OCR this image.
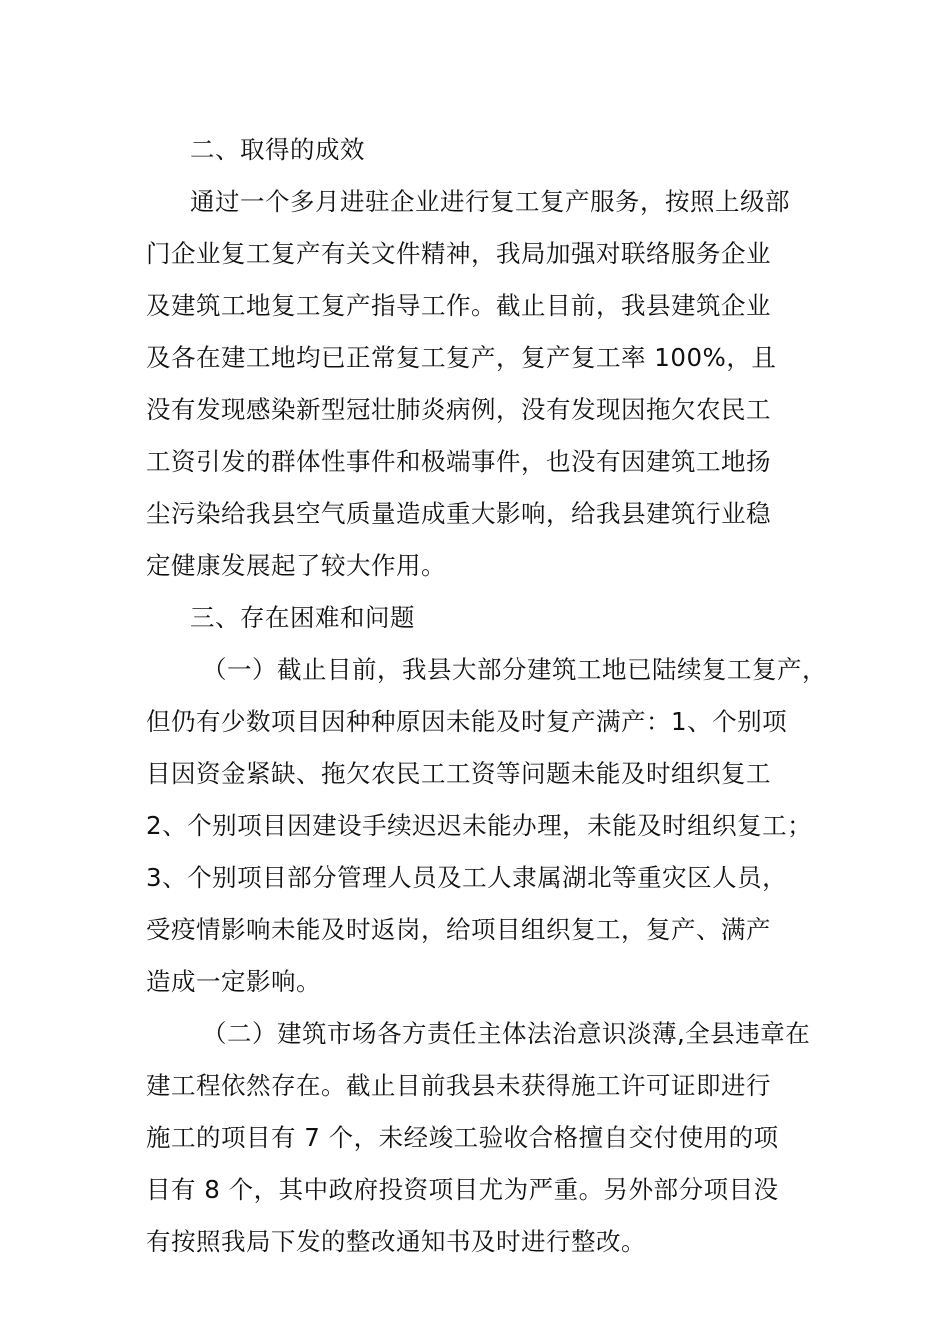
二、取得的成效
通过一个多月进驻企业进行复工复产服务，按照上级部
门企业复工复产有关文件精神，我局加强对联络服务企业
及建筑工地复工复产指导工作。截止目前，我县建筑企业
及各在建工地均已正常复工复产，复产复工率 100%，且
没有发现感染新型冠壮肺炎病例，没有发现因拖欠农民工
工资引发的群体性事件和极端事件，也没有因建筑工地扬
尘污染给我县空气质量造成重大影响，给我县建筑行业稳
定健康发展起了较大作用。
三、存在困难和问题
（一）截止目前，我县大部分建筑工地已陆续复工复产，
但仍有少数项目因种种原因未能及时复产满产：1、个别项
目因资金紧缺、拖欠农民工工资等问题未能及时组织复工
2、个别项目因建设手续迟迟未能办理，未能及时组织复工；
3、个别项目部分管理人员及工人隶属湖北等重灾区人员，
受疫情影响未能及时返岗，给项目组织复工，复产、满产
造成一定影响。
（二）建筑市场各方责任主体法治意识淡薄,全县违章在
建工程依然存在。截止目前我县未获得施工许可证即进行
施工的项目有 7 个，未经竣工验收合格擅自交付使用的项
目有 8 个，其中政府投资项目尤为严重。另外部分项目没
有按照我局下发的整改通知书及时进行整改。
